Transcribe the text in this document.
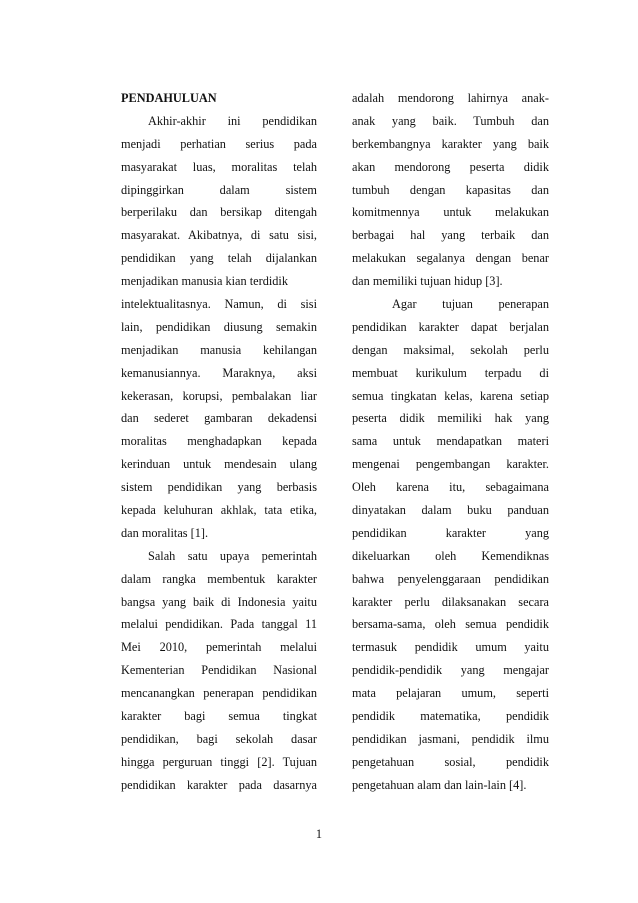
PENDAHULUAN
Akhir-akhir ini pendidikan
menjadi perhatian serius pada
masyarakat luas, moralitas telah
dipinggirkan dalam sistem
berperilaku dan bersikap ditengah
masyarakat. Akibatnya, di satu sisi,
pendidikan yang telah dijalankan
menjadikan manusia kian terdidik
intelektualitasnya. Namun, di sisi
lain, pendidikan diusung semakin
menjadikan manusia kehilangan
kemanusiannya. Maraknya, aksi
kekerasan, korupsi, pembalakan liar
dan sederet gambaran dekadensi
moralitas menghadapkan kepada
kerinduan untuk mendesain ulang
sistem pendidikan yang berbasis
kepada keluhuran akhlak, tata etika,
dan moralitas [1].
Salah satu upaya pemerintah
dalam rangka membentuk karakter
bangsa yang baik di Indonesia yaitu
melalui pendidikan. Pada tanggal 11
Mei 2010, pemerintah melalui
Kementerian Pendidikan Nasional
mencanangkan penerapan pendidikan
karakter bagi semua tingkat
pendidikan, bagi sekolah dasar
hingga perguruan tinggi [2]. Tujuan
pendidikan karakter pada dasarnya
adalah mendorong lahirnya anak-
anak yang baik. Tumbuh dan
berkembangnya karakter yang baik
akan mendorong peserta didik
tumbuh dengan kapasitas dan
komitmennya untuk melakukan
berbagai hal yang terbaik dan
melakukan segalanya dengan benar
dan memiliki tujuan hidup [3].
Agar tujuan penerapan
pendidikan karakter dapat berjalan
dengan maksimal, sekolah perlu
membuat kurikulum terpadu di
semua tingkatan kelas, karena setiap
peserta didik memiliki hak yang
sama untuk mendapatkan materi
mengenai pengembangan karakter.
Oleh karena itu, sebagaimana
dinyatakan dalam buku panduan
pendidikan karakter yang
dikeluarkan oleh Kemendiknas
bahwa penyelenggaraan pendidikan
karakter perlu dilaksanakan secara
bersama-sama, oleh semua pendidik
termasuk pendidik umum yaitu
pendidik-pendidik yang mengajar
mata pelajaran umum, seperti
pendidik matematika, pendidik
pendidikan jasmani, pendidik ilmu
pengetahuan sosial, pendidik
pengetahuan alam dan lain-lain [4].
1
